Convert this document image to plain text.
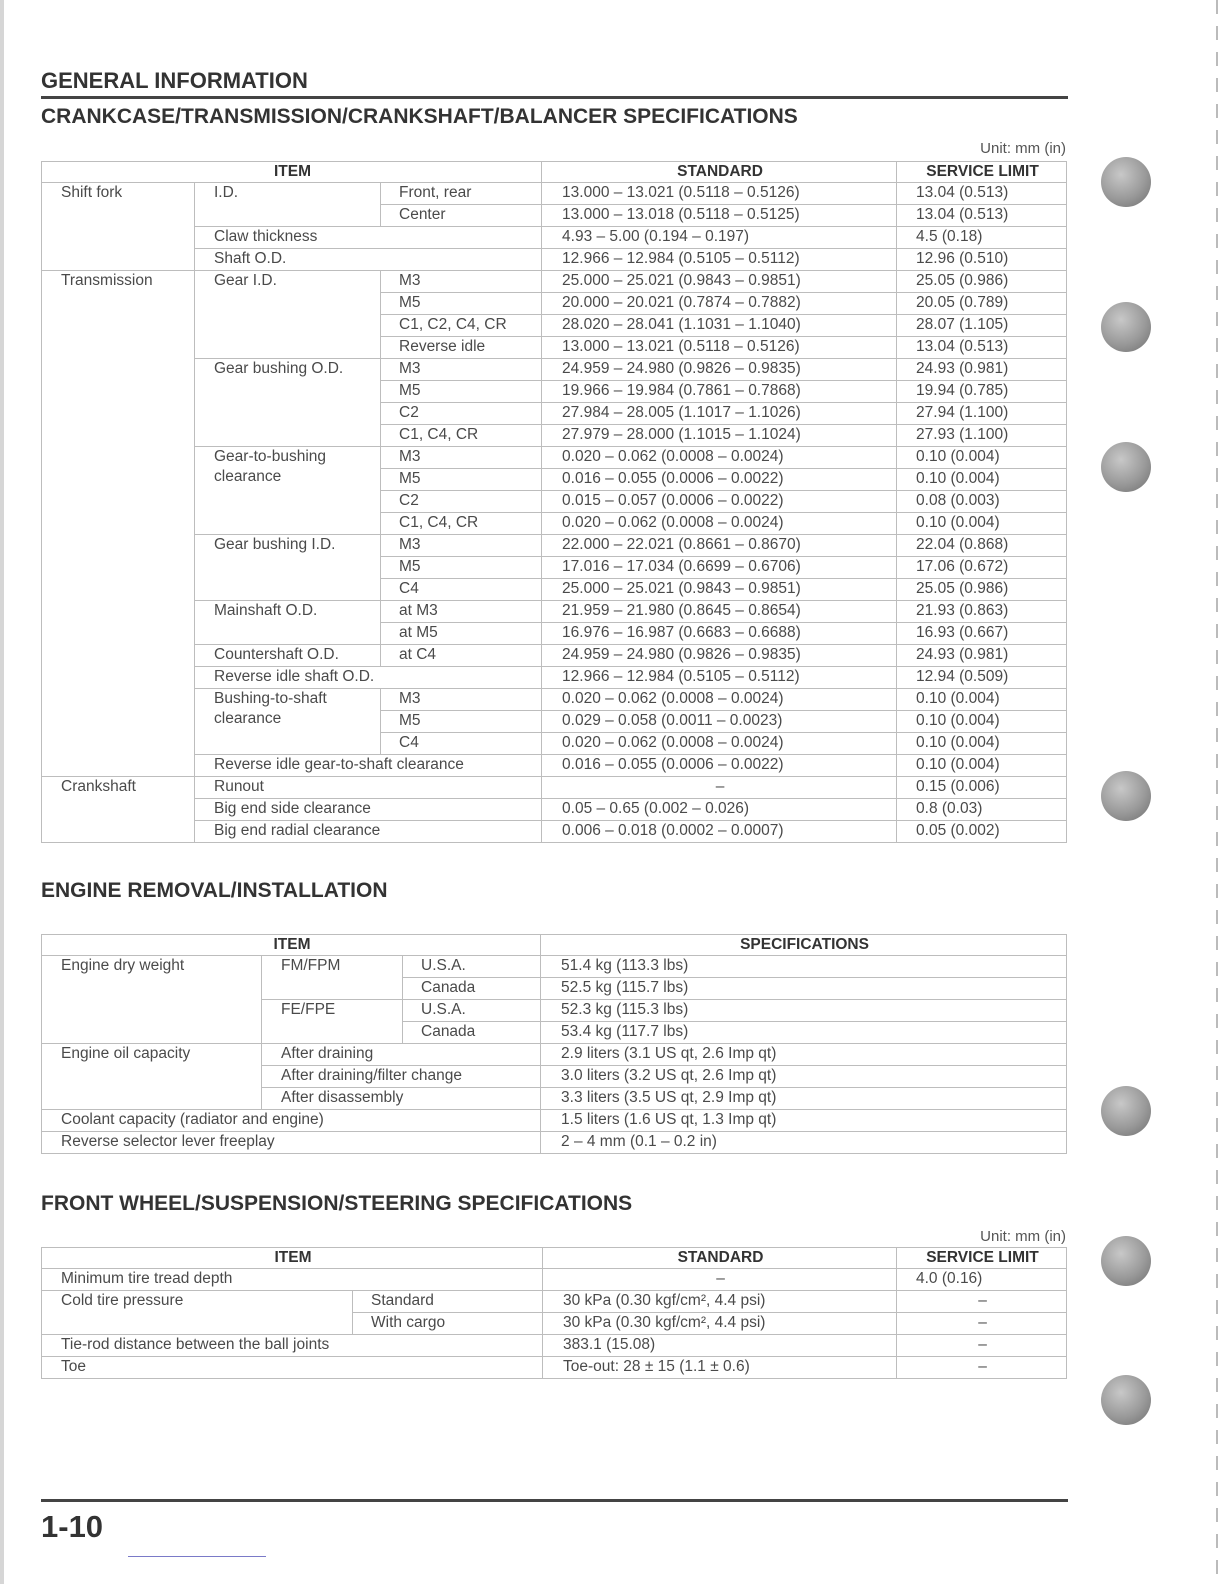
GENERAL INFORMATION
CRANKCASE/TRANSMISSION/CRANKSHAFT/BALANCER SPECIFICATIONS
Unit: mm (in)
ITEM			STANDARD	SERVICE LIMIT
Shift fork	I.D.	Front, rear	13.000 – 13.021 (0.5118 – 0.5126)	13.04 (0.513)
		Center	13.000 – 13.018 (0.5118 – 0.5125)	13.04 (0.513)
	Claw thickness		4.93 – 5.00 (0.194 – 0.197)	4.5 (0.18)
	Shaft O.D.		12.966 – 12.984 (0.5105 – 0.5112)	12.96 (0.510)
Transmission	Gear I.D.	M3	25.000 – 25.021 (0.9843 – 0.9851)	25.05 (0.986)
		M5	20.000 – 20.021 (0.7874 – 0.7882)	20.05 (0.789)
		C1, C2, C4, CR	28.020 – 28.041 (1.1031 – 1.1040)	28.07 (1.105)
		Reverse idle	13.000 – 13.021 (0.5118 – 0.5126)	13.04 (0.513)
	Gear bushing O.D.	M3	24.959 – 24.980 (0.9826 – 0.9835)	24.93 (0.981)
		M5	19.966 – 19.984 (0.7861 – 0.7868)	19.94 (0.785)
		C2	27.984 – 28.005 (1.1017 – 1.1026)	27.94 (1.100)
		C1, C4, CR	27.979 – 28.000 (1.1015 – 1.1024)	27.93 (1.100)
	Gear-to-bushing clearance	M3	0.020 – 0.062 (0.0008 – 0.0024)	0.10 (0.004)
		M5	0.016 – 0.055 (0.0006 – 0.0022)	0.10 (0.004)
		C2	0.015 – 0.057 (0.0006 – 0.0022)	0.08 (0.003)
		C1, C4, CR	0.020 – 0.062 (0.0008 – 0.0024)	0.10 (0.004)
	Gear bushing I.D.	M3	22.000 – 22.021 (0.8661 – 0.8670)	22.04 (0.868)
		M5	17.016 – 17.034 (0.6699 – 0.6706)	17.06 (0.672)
		C4	25.000 – 25.021 (0.9843 – 0.9851)	25.05 (0.986)
	Mainshaft O.D.	at M3	21.959 – 21.980 (0.8645 – 0.8654)	21.93 (0.863)
		at M5	16.976 – 16.987 (0.6683 – 0.6688)	16.93 (0.667)
	Countershaft O.D.	at C4	24.959 – 24.980 (0.9826 – 0.9835)	24.93 (0.981)
	Reverse idle shaft O.D.		12.966 – 12.984 (0.5105 – 0.5112)	12.94 (0.509)
	Bushing-to-shaft clearance	M3	0.020 – 0.062 (0.0008 – 0.0024)	0.10 (0.004)
		M5	0.029 – 0.058 (0.0011 – 0.0023)	0.10 (0.004)
		C4	0.020 – 0.062 (0.0008 – 0.0024)	0.10 (0.004)
	Reverse idle gear-to-shaft clearance		0.016 – 0.055 (0.0006 – 0.0022)	0.10 (0.004)
Crankshaft	Runout		–	0.15 (0.006)
	Big end side clearance		0.05 – 0.65 (0.002 – 0.026)	0.8 (0.03)
	Big end radial clearance		0.006 – 0.018 (0.0002 – 0.0007)	0.05 (0.002)
ENGINE REMOVAL/INSTALLATION
ITEM			SPECIFICATIONS
Engine dry weight	FM/FPM	U.S.A.	51.4 kg (113.3 lbs)
		Canada	52.5 kg (115.7 lbs)
	FE/FPE	U.S.A.	52.3 kg (115.3 lbs)
		Canada	53.4 kg (117.7 lbs)
Engine oil capacity	After draining		2.9 liters (3.1 US qt, 2.6 Imp qt)
	After draining/filter change		3.0 liters (3.2 US qt, 2.6 Imp qt)
	After disassembly		3.3 liters (3.5 US qt, 2.9 Imp qt)
Coolant capacity (radiator and engine)			1.5 liters (1.6 US qt, 1.3 Imp qt)
Reverse selector lever freeplay			2 – 4 mm (0.1 – 0.2 in)
FRONT WHEEL/SUSPENSION/STEERING SPECIFICATIONS
Unit: mm (in)
ITEM		STANDARD	SERVICE LIMIT
Minimum tire tread depth		–	4.0 (0.16)
Cold tire pressure	Standard	30 kPa (0.30 kgf/cm², 4.4 psi)	–
	With cargo	30 kPa (0.30 kgf/cm², 4.4 psi)	–
Tie-rod distance between the ball joints		383.1 (15.08)	–
Toe		Toe-out: 28 ± 15 (1.1 ± 0.6)	–
1-10
